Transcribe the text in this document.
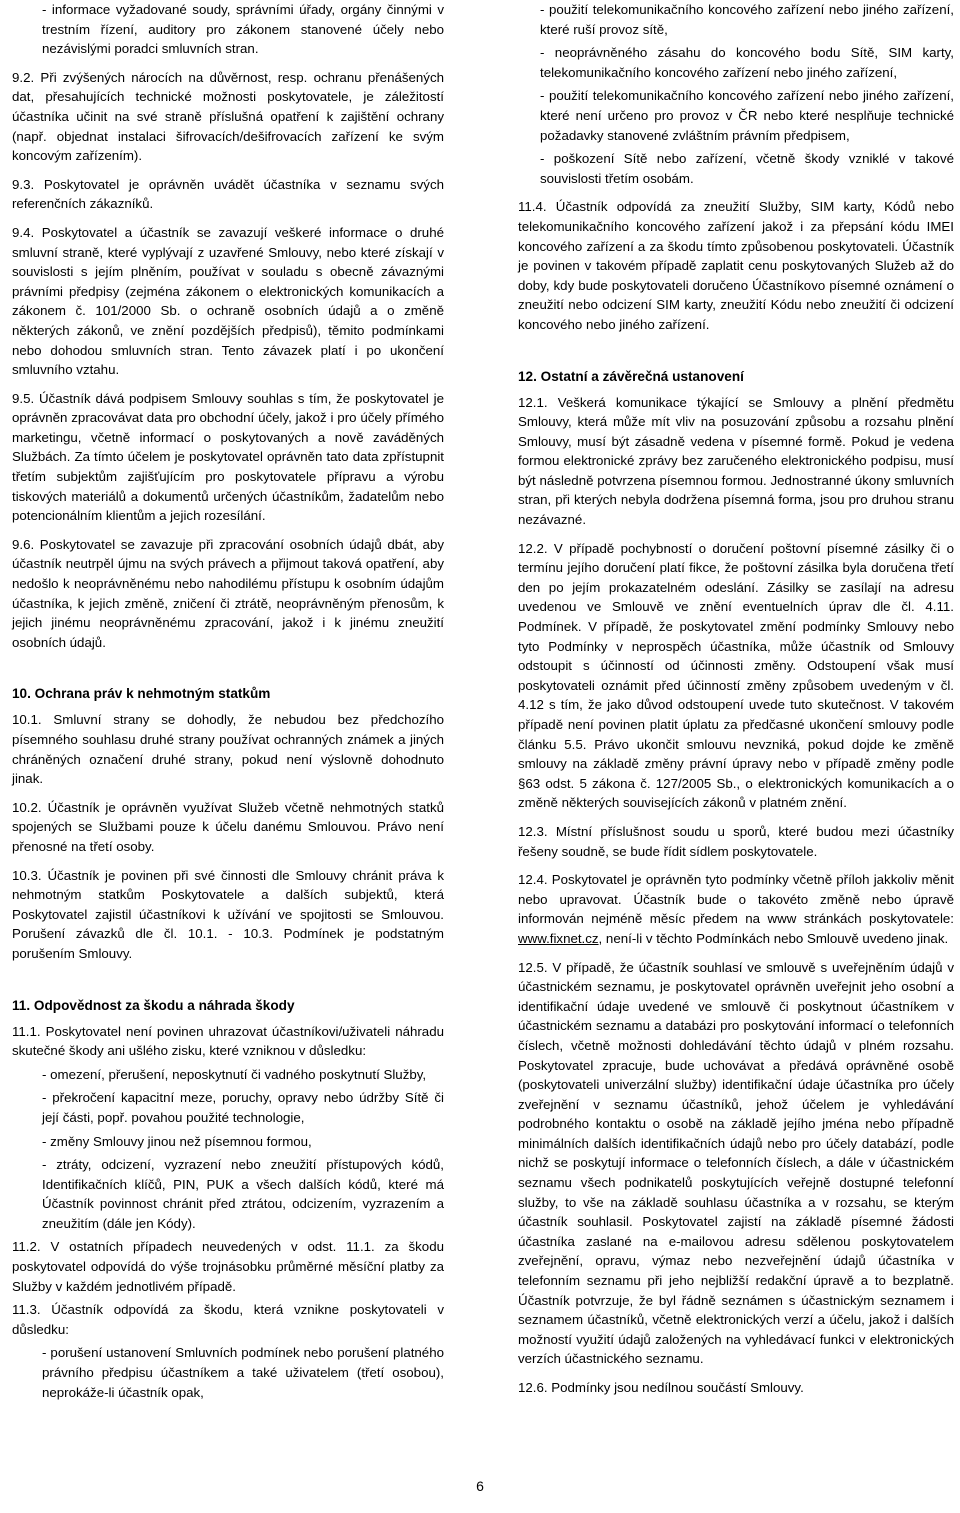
- informace vyžadované soudy, správními úřady, orgány činnými v trestním řízení, auditory pro zákonem stanovené účely nebo nezávislými poradci smluvních stran.

9.2. Při zvýšených nárocích na důvěrnost, resp. ochranu přenášených dat, přesahujících technické možnosti poskytovatele, je záležitostí účastníka učinit na své straně příslušná opatření k zajištění ochrany (např. objednat instalaci šifrovacích/dešifrovacích zařízení ke svým koncovým zařízením).

9.3. Poskytovatel je oprávněn uvádět účastníka v seznamu svých referenčních zákazníků.

9.4. Poskytovatel a účastník se zavazují veškeré informace o druhé smluvní straně, které vyplývají z uzavřené Smlouvy, nebo které získají v souvislosti s jejím plněním, používat v souladu s obecně závaznými právními předpisy (zejména zákonem o elektronických komunikacích a zákonem č. 101/2000 Sb. o ochraně osobních údajů a o změně některých zákonů, ve znění pozdějších předpisů), těmito podmínkami nebo dohodou smluvních stran. Tento závazek platí i po ukončení smluvního vztahu.

9.5. Účastník dává podpisem Smlouvy souhlas s tím, že poskytovatel je oprávněn zpracovávat data pro obchodní účely, jakož i pro účely přímého marketingu, včetně informací o poskytovaných a nově zaváděných Službách. Za tímto účelem je poskytovatel oprávněn tato data zpřístupnit třetím subjektům zajišťujícím pro poskytovatele přípravu a výrobu tiskových materiálů a dokumentů určených účastníkům, žadatelům nebo potencionálním klientům a jejich rozesílání.

9.6. Poskytovatel se zavazuje při zpracování osobních údajů dbát, aby účastník neutrpěl újmu na svých právech a přijmout taková opatření, aby nedošlo k neoprávněnému nebo nahodilému přístupu k osobním údajům účastníka, k jejich změně, zničení či ztrátě, neoprávněným přenosům, k jejich jinému neoprávněnému zpracování, jakož i k jinému zneužití osobních údajů.

10. Ochrana práv k nehmotným statkům

10.1. Smluvní strany se dohodly, že nebudou bez předchozího písemného souhlasu druhé strany používat ochranných známek a jiných chráněných označení druhé strany, pokud není výslovně dohodnuto jinak.

10.2. Účastník je oprávněn využívat Služeb včetně nehmotných statků spojených se Službami pouze k účelu danému Smlouvou. Právo není přenosné na třetí osoby.

10.3. Účastník je povinen při své činnosti dle Smlouvy chránit práva k nehmotným statkům Poskytovatele a dalších subjektů, která Poskytovatel zajistil účastníkovi k užívání ve spojitosti se Smlouvou. Porušení závazků dle čl. 10.1. - 10.3. Podmínek je podstatným porušením Smlouvy.

11. Odpovědnost za škodu a náhrada škody

11.1. Poskytovatel není povinen uhrazovat účastníkovi/uživateli náhradu skutečné škody ani ušlého zisku, které vzniknou v důsledku:

- omezení, přerušení, neposkytnutí či vadného poskytnutí Služby,

- překročení kapacitní meze, poruchy, opravy nebo údržby Sítě či její části, popř. povahou použité technologie,

- změny Smlouvy jinou než písemnou formou,

- ztráty, odcizení, vyzrazení nebo zneužití přístupových kódů, Identifikačních klíčů, PIN, PUK a všech dalších kódů, které má Účastník povinnost chránit před ztrátou, odcizením, vyzrazením a zneužitím (dále jen Kódy).

11.2. V ostatních případech neuvedených v odst. 11.1. za škodu poskytovatel odpovídá do výše trojnásobku průměrné měsíční platby za Služby v každém jednotlivém případě.

11.3. Účastník odpovídá za škodu, která vznikne poskytovateli v důsledku:

- porušení ustanovení Smluvních podmínek nebo porušení platného právního předpisu účastníkem a také uživatelem (třetí osobou), neprokáže-li účastník opak,

- použití telekomunikačního koncového zařízení nebo jiného zařízení, které ruší provoz sítě,

- neoprávněného zásahu do koncového bodu Sítě, SIM karty, telekomunikačního koncového zařízení nebo jiného zařízení,

- použití telekomunikačního koncového zařízení nebo jiného zařízení, které není určeno pro provoz v ČR nebo které nesplňuje technické požadavky stanovené zvláštním právním předpisem,

- poškození Sítě nebo zařízení, včetně škody vzniklé v takové souvislosti třetím osobám.

11.4. Účastník odpovídá za zneužití Služby, SIM karty, Kódů nebo telekomunikačního koncového zařízení jakož i za přepsání kódu IMEI koncového zařízení a za škodu tímto způsobenou poskytovateli. Účastník je povinen v takovém případě zaplatit cenu poskytovaných Služeb až do doby, kdy bude poskytovateli doručeno Účastníkovo písemné oznámení o zneužití nebo odcizení SIM karty, zneužití Kódu nebo zneužití či odcizení koncového nebo jiného zařízení.

12. Ostatní a závěrečná ustanovení

12.1. Veškerá komunikace týkající se Smlouvy a plnění předmětu Smlouvy, která může mít vliv na posuzování způsobu a rozsahu plnění Smlouvy, musí být zásadně vedena v písemné formě. Pokud je vedena formou elektronické zprávy bez zaručeného elektronického podpisu, musí být následně potvrzena písemnou formou. Jednostranné úkony smluvních stran, při kterých nebyla dodržena písemná forma, jsou pro druhou stranu nezávazné.

12.2. V případě pochybností o doručení poštovní písemné zásilky či o termínu jejího doručení platí fikce, že poštovní zásilka byla doručena třetí den po jejím prokazatelném odeslání. Zásilky se zasílají na adresu uvedenou ve Smlouvě ve znění eventuelních úprav dle čl. 4.11. Podmínek. V případě, že poskytovatel změní podmínky Smlouvy nebo tyto Podmínky v neprospěch účastníka, může účastník od Smlouvy odstoupit s účinností od účinnosti změny. Odstoupení však musí poskytovateli oznámit před účinností změny způsobem uvedeným v čl. 4.12 s tím, že jako důvod odstoupení uvede tuto skutečnost. V takovém případě není povinen platit úplatu za předčasné ukončení smlouvy podle článku 5.5. Právo ukončit smlouvu nevzniká, pokud dojde ke změně smlouvy na základě změny právní úpravy nebo v případě změny podle §63 odst. 5 zákona č. 127/2005 Sb., o elektronických komunikacích a o změně některých souvisejících zákonů v platném znění.

12.3. Místní příslušnost soudu u sporů, které budou mezi účastníky řešeny soudně, se bude řídit sídlem poskytovatele.

12.4. Poskytovatel je oprávněn tyto podmínky včetně příloh jakkoliv měnit nebo upravovat. Účastník bude o takovéto změně nebo úpravě informován nejméně měsíc předem na www stránkách poskytovatele: www.fixnet.cz, není-li v těchto Podmínkách nebo Smlouvě uvedeno jinak.

12.5. V případě, že účastník souhlasí ve smlouvě s uveřejněním údajů v účastnickém seznamu, je poskytovatel oprávněn uveřejnit jeho osobní a identifikační údaje uvedené ve smlouvě či poskytnout účastníkem v účastnickém seznamu a databázi pro poskytování informací o telefonních číslech, včetně možnosti dohledávání těchto údajů v plném rozsahu. Poskytovatel zpracuje, bude uchovávat a předává oprávněné osobě (poskytovateli univerzální služby) identifikační údaje účastníka pro účely zveřejnění v seznamu účastníků, jehož účelem je vyhledávání podrobného kontaktu o osobě na základě jejího jména nebo případně minimálních dalších identifikačních údajů nebo pro účely databází, podle nichž se poskytují informace o telefonních číslech, a dále v účastnickém seznamu všech podnikatelů poskytujících veřejně dostupné telefonní služby, to vše na základě souhlasu účastníka a v rozsahu, se kterým účastník souhlasil. Poskytovatel zajistí na základě písemné žádosti účastníka zaslané na e-mailovou adresu sdělenou poskytovatelem zveřejnění, opravu, výmaz nebo nezveřejnění údajů účastníka v telefonním seznamu při jeho nejbližší redakční úpravě a to bezplatně. Účastník potvrzuje, že byl řádně seznámen s účastnickým seznamem i seznamem účastníků, včetně elektronických verzí a účelu, jakož i dalších možností využití údajů založených na vyhledávací funkci v elektronických verzích účastnického seznamu.

12.6. Podmínky jsou nedílnou součástí Smlouvy.

6
